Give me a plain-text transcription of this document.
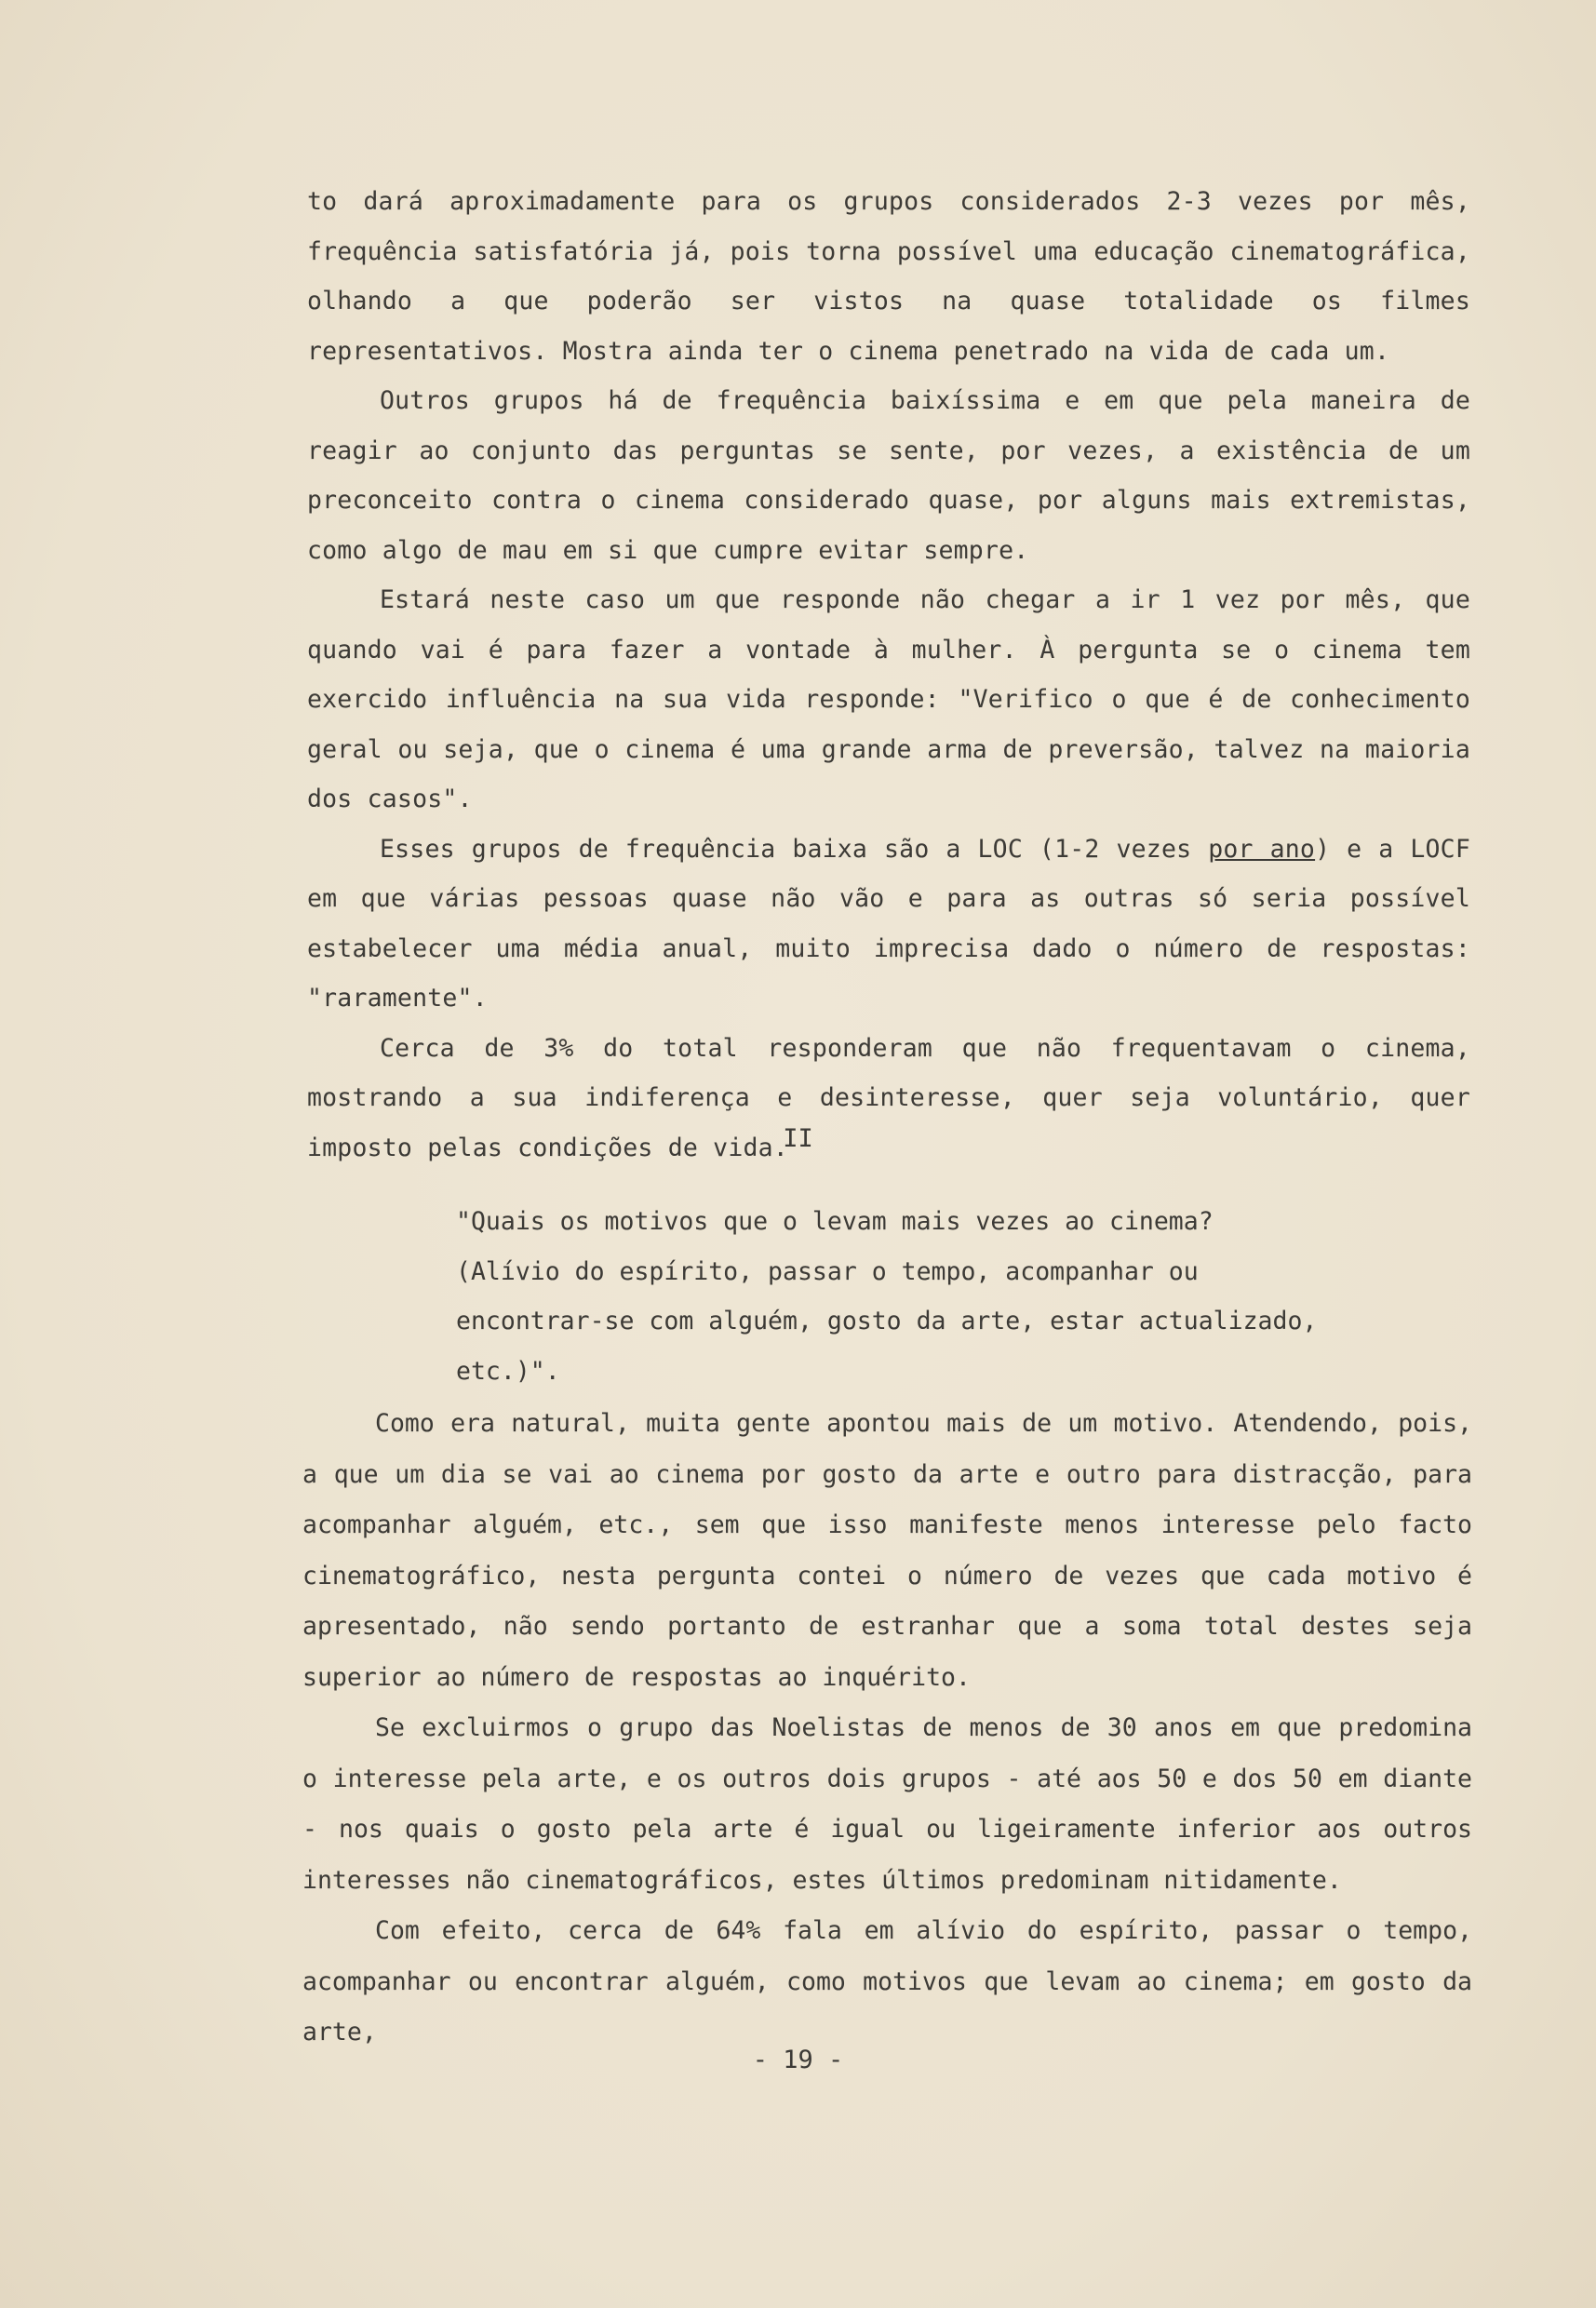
to dará aproximadamente para os grupos considerados 2-3 vezes por mês, frequência satisfatória já, pois torna possível uma educação cinematográfica, olhando a que poderão ser vistos na quase totalidade os filmes representativos. Mostra ainda ter o cinema penetrado na vida de cada um.

Outros grupos há de frequência baixíssima e em que pela maneira de reagir ao conjunto das perguntas se sente, por vezes, a existência de um preconceito contra o cinema considerado quase, por alguns mais extremistas, como algo de mau em si que cumpre evitar sempre.

Estará neste caso um que responde não chegar a ir 1 vez por mês, que quando vai é para fazer a vontade à mulher. À pergunta se o cinema tem exercido influência na sua vida responde: "Verifico o que é de conhecimento geral ou seja, que o cinema é uma grande arma de preversão, talvez na maioria dos casos".

Esses grupos de frequência baixa são a LOC (1-2 vezes por ano) e a LOCF em que várias pessoas quase não vão e para as outras só seria possível estabelecer uma média anual, muito imprecisa dado o número de respostas: "raramente".

Cerca de 3% do total responderam que não frequentavam o cinema, mostrando a sua indiferença e desinteresse, quer seja voluntário, quer imposto pelas condições de vida.

II

"Quais os motivos que o levam mais vezes ao cinema? (Alívio do espírito, passar o tempo, acompanhar ou encontrar-se com alguém, gosto da arte, estar actualizado, etc.)".

Como era natural, muita gente apontou mais de um motivo. Atendendo, pois, a que um dia se vai ao cinema por gosto da arte e outro para distracção, para acompanhar alguém, etc., sem que isso manifeste menos interesse pelo facto cinematográfico, nesta pergunta contei o número de vezes que cada motivo é apresentado, não sendo portanto de estranhar que a soma total destes seja superior ao número de respostas ao inquérito.

Se excluirmos o grupo das Noelistas de menos de 30 anos em que predomina o interesse pela arte, e os outros dois grupos - até aos 50 e dos 50 em diante - nos quais o gosto pela arte é igual ou ligeiramente inferior aos outros interesses não cinematográficos, estes últimos predominam nitidamente.

Com efeito, cerca de 64% fala em alívio do espírito, passar o tempo, acompanhar ou encontrar alguém, como motivos que levam ao cinema; em gosto da arte,

- 19 -
